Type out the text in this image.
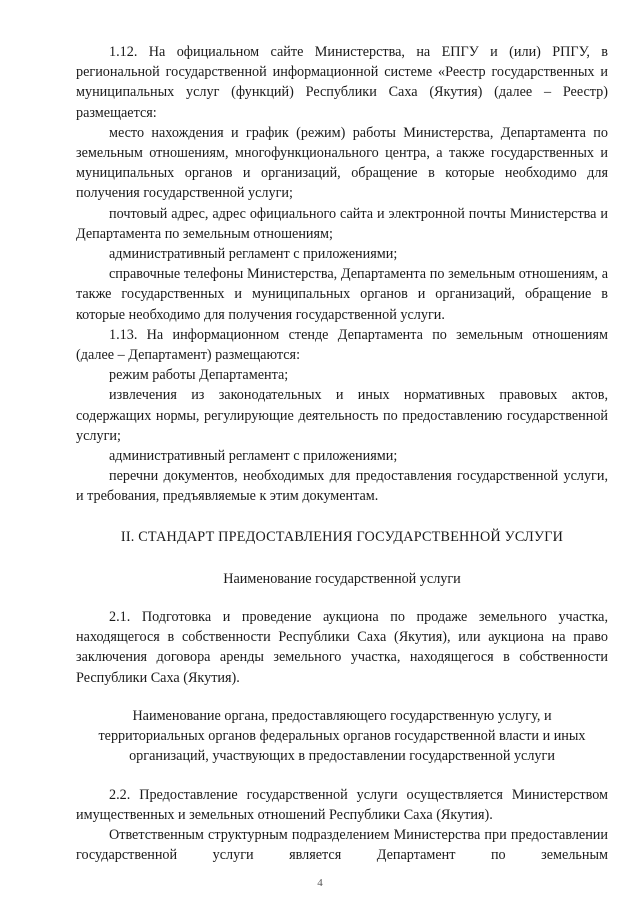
1.12. На официальном сайте Министерства, на ЕПГУ и (или) РПГУ, в региональной государственной информационной системе «Реестр государственных и муниципальных услуг (функций) Республики Саха (Якутия) (далее – Реестр) размещается:

место нахождения и график (режим) работы Министерства, Департамента по земельным отношениям, многофункционального центра, а также государственных и муниципальных органов и организаций, обращение в которые необходимо для получения государственной услуги;

почтовый адрес, адрес официального сайта и электронной почты Министерства и Департамента по земельным отношениям;

административный регламент с приложениями;

справочные телефоны Министерства, Департамента по земельным отношениям, а также государственных и муниципальных органов и организаций, обращение в которые необходимо для получения государственной услуги.

1.13. На информационном стенде Департамента по земельным отношениям (далее – Департамент) размещаются:

режим работы Департамента;

извлечения из законодательных и иных нормативных правовых актов, содержащих нормы, регулирующие деятельность по предоставлению государственной услуги;

административный регламент с приложениями;

перечни документов, необходимых для предоставления государственной услуги, и требования, предъявляемые к этим документам.

II. СТАНДАРТ ПРЕДОСТАВЛЕНИЯ ГОСУДАРСТВЕННОЙ УСЛУГИ

Наименование государственной услуги

2.1. Подготовка и проведение аукциона по продаже земельного участка, находящегося в собственности Республики Саха (Якутия), или аукциона на право заключения договора аренды земельного участка, находящегося в собственности Республики Саха (Якутия).

Наименование органа, предоставляющего государственную услугу, и

территориальных органов федеральных органов государственной власти и иных

организаций, участвующих в предоставлении государственной услуги

2.2. Предоставление государственной услуги осуществляется Министерством имущественных и земельных отношений Республики Саха (Якутия).

Ответственным структурным подразделением Министерства при предоставлении государственной услуги является Департамент по земельным

4
